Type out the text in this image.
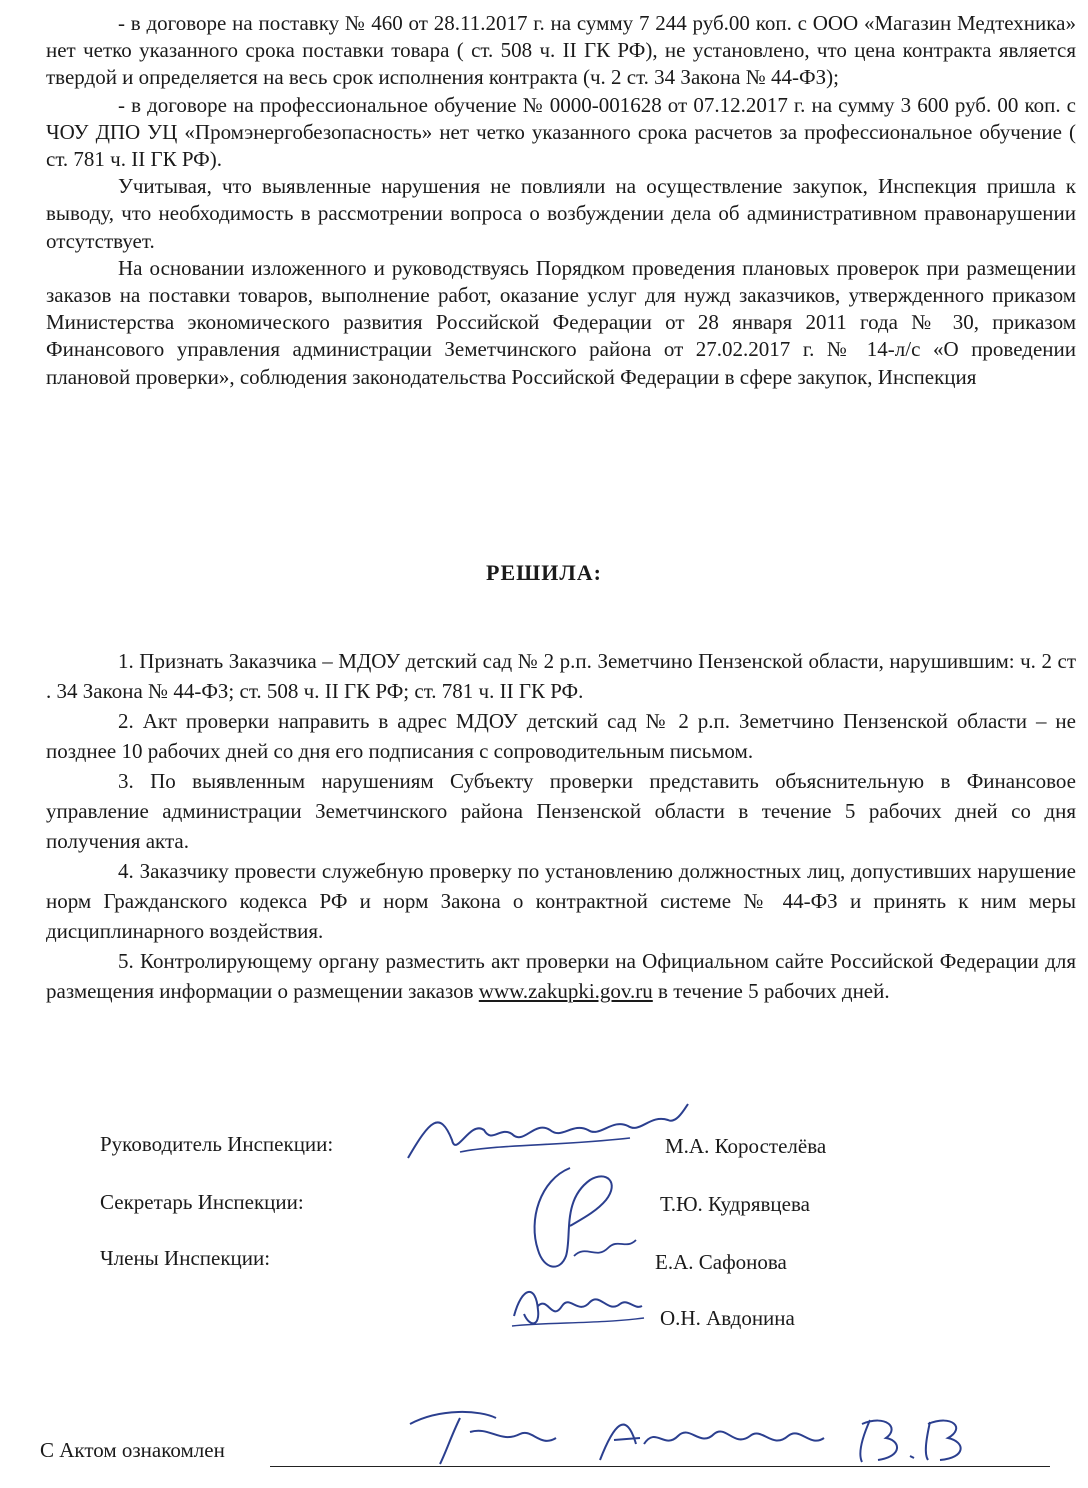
- в договоре на поставку № 460 от 28.11.2017 г. на сумму 7 244 руб.00 коп. с ООО «Магазин Медтехника» нет четко указанного срока поставки товара ( ст. 508 ч. II ГК РФ), не установлено, что цена контракта является твердой и определяется на весь срок исполнения контракта (ч. 2 ст. 34 Закона № 44-ФЗ);

- в договоре на профессиональное обучение № 0000-001628 от 07.12.2017 г. на сумму 3 600 руб. 00 коп. с ЧОУ ДПО УЦ «Промэнергобезопасность» нет четко указанного срока расчетов за профессиональное обучение ( ст. 781 ч. II ГК РФ).

Учитывая, что выявленные нарушения не повлияли на осуществление закупок, Инспекция пришла к выводу, что необходимость в рассмотрении вопроса о возбуждении дела об административном правонарушении отсутствует.

На основании изложенного и руководствуясь Порядком проведения плановых проверок при размещении заказов на поставки товаров, выполнение работ, оказание услуг для нужд заказчиков, утвержденного приказом Министерства экономического развития Российской Федерации от 28 января 2011 года № 30, приказом Финансового управления администрации Земетчинского района от 27.02.2017 г. № 14-л/с «О проведении плановой проверки», соблюдения законодательства Российской Федерации в сфере закупок, Инспекция

РЕШИЛА:

1. Признать Заказчика – МДОУ детский сад № 2 р.п. Земетчино Пензенской области, нарушившим: ч. 2 ст . 34 Закона № 44-ФЗ; ст. 508 ч. II ГК РФ; ст. 781 ч. II ГК РФ.

2. Акт проверки направить в адрес МДОУ детский сад № 2 р.п. Земетчино Пензенской области – не позднее 10 рабочих дней со дня его подписания с сопроводительным письмом.

3. По выявленным нарушениям Субъекту проверки представить объяснительную в Финансовое управление администрации Земетчинского района Пензенской области в течение 5 рабочих дней со дня получения акта.

4. Заказчику провести служебную проверку по установлению должностных лиц, допустивших нарушение норм Гражданского кодекса РФ и норм Закона о контрактной системе № 44-ФЗ и принять к ним меры дисциплинарного воздействия.

5. Контролирующему органу разместить акт проверки на Официальном сайте Российской Федерации для размещения информации о размещении заказов www.zakupki.gov.ru в течение 5 рабочих дней.

Руководитель Инспекции:	М.А. Коростелёва
Секретарь Инспекции:	Т.Ю. Кудрявцева
Члены Инспекции:	Е.А. Сафонова
О.Н. Авдонина
С Актом ознакомлен
